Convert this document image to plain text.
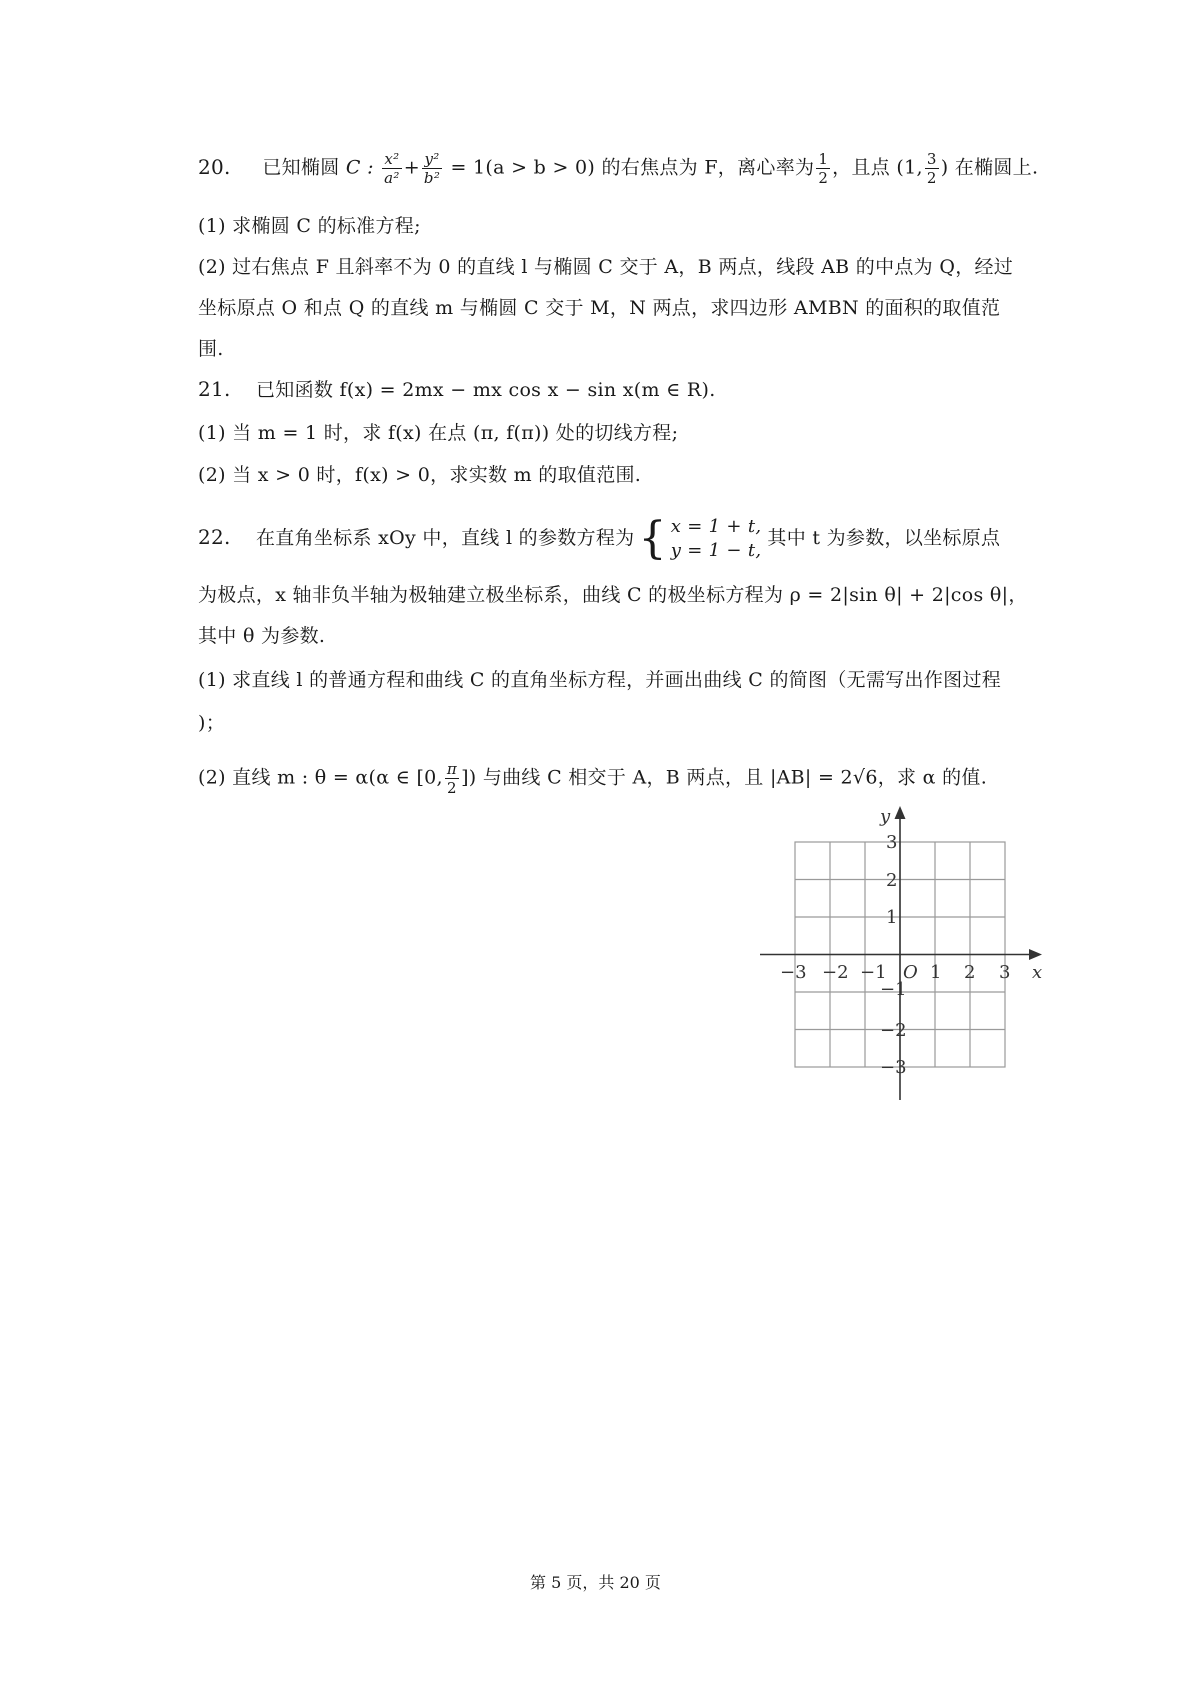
20. 已知椭圆 C : $\frac{\text{x²}}{\text{a²}} + \frac{\text{y²}}{\text{b²}} = 1(a > b > 0)$ 的右焦点为 F，离心率为 $\frac{1}{2}$ ，且点 (1, $\frac{3}{2}$ ) 在椭圆上.
(1) 求椭圆 C 的标准方程;
(2) 过右焦点 F 且斜率不为 0 的直线 l 与椭圆 C 交于 A，B 两点，线段 AB 的中点为 Q，经过
坐标原点 O 和点 Q 的直线 m 与椭圆 C 交于 M，N 两点，求四边形 AMBN 的面积的取值范
围.
21. 已知函数 f(x) = 2mx − mx cos x − sin x(m ∈ R).
(1) 当 m = 1 时，求 f(x) 在点 (π, f(π)) 处的切线方程;
(2) 当 x > 0 时，f(x) > 0，求实数 m 的取值范围.
22. 在直角坐标系 xOy 中，直线 l 的参数方程为{ x = 1 + t,
y = 1 − t,
其中 t 为参数，以坐标原点
为极点，x 轴非负半轴为极轴建立极坐标系，曲线 C 的极坐标方程为 ρ = 2|sin θ| + 2|cos θ|，
其中 θ 为参数.
(1) 求直线 l 的普通方程和曲线 C 的直角坐标方程，并画出曲线 C 的简图（无需写出作图过程
)；
(2) 直线 m : θ = α(α ∈ [0, $\frac{\pi}{2}$ ]) 与曲线 C 相交于 A，B 两点，且 |AB| = 2√6，求 α 的值.
y
x
O
−3 −2 −1 1 2 3
3
2
1
−1
−2
−3
第 5 页，共 20 页
